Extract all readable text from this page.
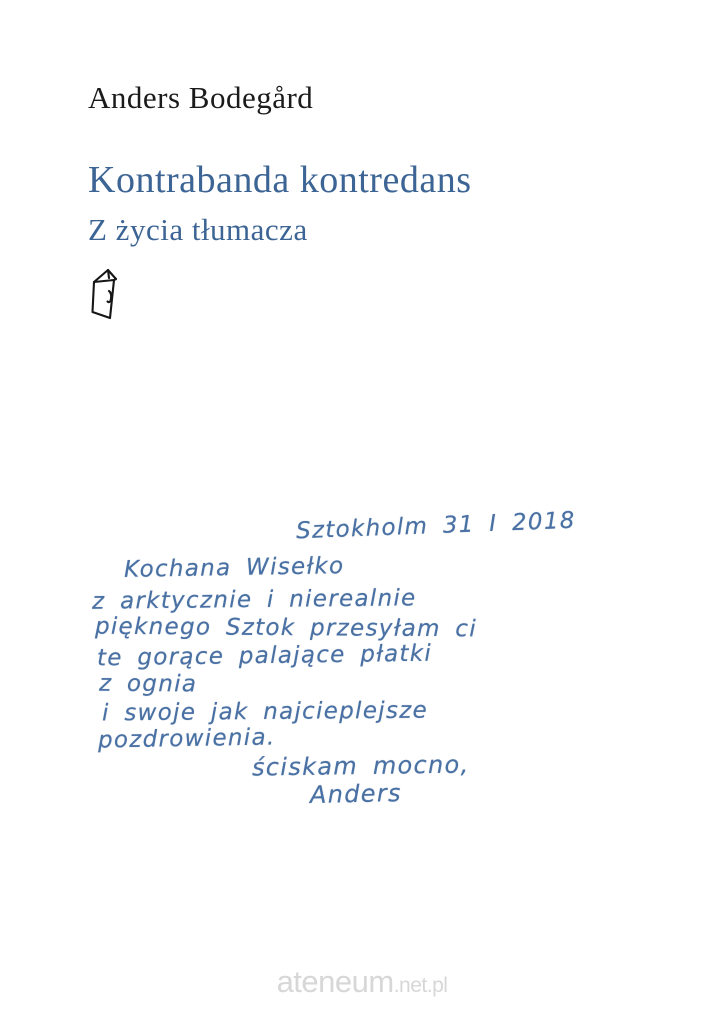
Anders Bodegård
Kontrabanda kontredans
Z życia tłumacza
Sztokholm 31 I 2018
Kochana Wisełko
z arktycznie i nierealnie
pięknego Sztok przesyłam ci
te gorące palające płatki
z ognia
i swoje jak najcieplejsze
pozdrowienia.
ściskam mocno,
Anders
ateneum.net.pl
